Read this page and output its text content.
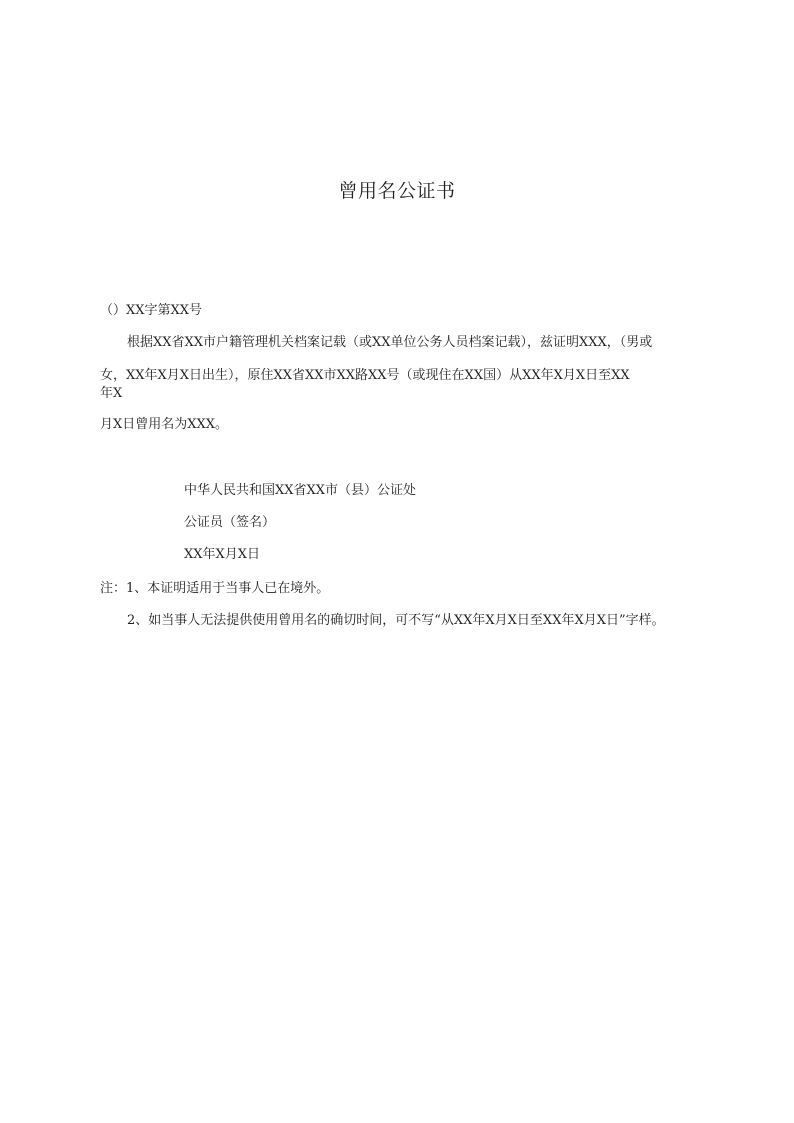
曾用名公证书
（）XX字第XX号
根据XX省XX市户籍管理机关档案记载（或XX单位公务人员档案记载），兹证明XXX，（男或
女，XX年X月X日出生），原住XX省XX市XX路XX号（或现住在XX国）从XX年X月X日至XX
年X
月X日曾用名为XXX。
中华人民共和国XX省XX市（县）公证处
公证员（签名）
XX年X月X日
注：1、本证明适用于当事人已在境外。
2、如当事人无法提供使用曾用名的确切时间，可不写“从XX年X月X日至XX年X月X日”字样。
